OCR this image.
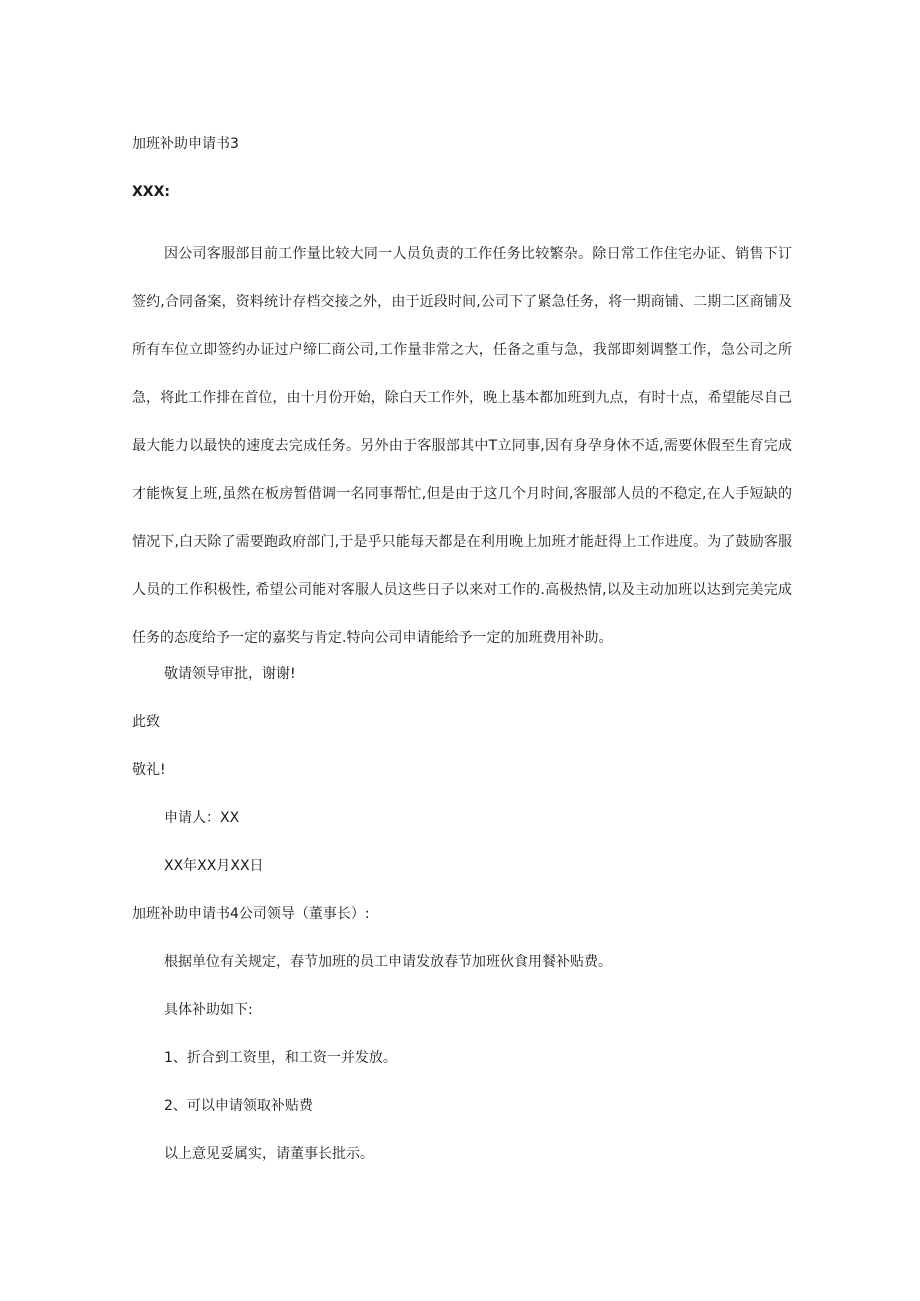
加班补助申请书3
XXX:

因公司客服部目前工作量比较大同一人员负责的工作任务比较繁杂。除日常工作住宅办证、销售下订签约,合同备案，资料统计存档交接之外，由于近段时间,公司下了紧急任务，将一期商铺、二期二区商铺及所有车位立即签约办证过户缔匚商公司,工作量非常之大，任备之重与急，我部即刻调整工作，急公司之所急，将此工作排在首位，由十月份开始，除白天工作外，晚上基本都加班到九点，有时十点，希望能尽自己最大能力以最快的速度去完成任务。另外由于客服部其中T立同事,因有身孕身休不适,需要休假至生育完成才能恢复上班,虽然在板房暂借调一名同事帮忙,但是由于这几个月时间,客服部人员的不稳定,在人手短缺的情况下,白天除了需要跑政府部门,于是乎只能每天都是在利用晚上加班才能赶得上工作进度。为了鼓励客服人员的工作积极性, 希望公司能对客服人员这些日子以来对工作的.高极热情,以及主动加班以达到完美完成任务的态度给予一定的嘉奖与肯定.特向公司申请能给予一定的加班费用补助。

敬请领导审批，谢谢!
此致
敬礼!
申请人：XX
XX年XX月XX日
加班补助申请书4公司领导（董事长）:
根据单位有关规定，春节加班的员工申请发放春节加班伙食用餐补贴费。
具体补助如下:
1、折合到工资里，和工资一并发放。
2、可以申请领取补贴费
以上意见妥属实，请董事长批示。
